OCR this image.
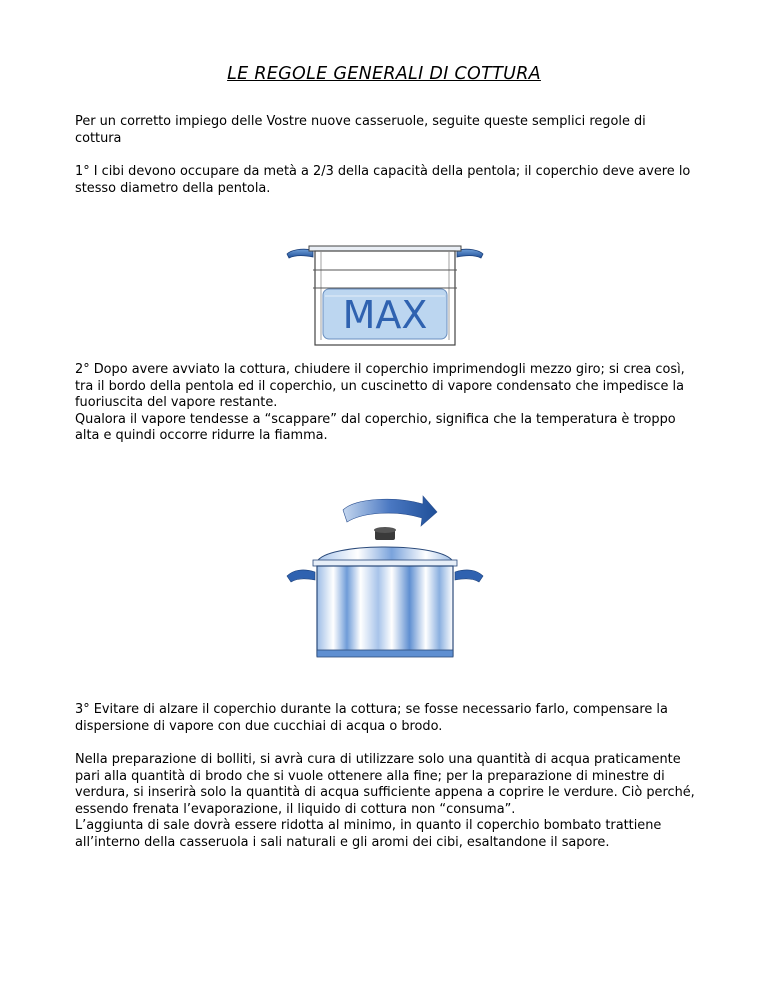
LE REGOLE GENERALI DI COTTURA

Per un corretto impiego delle Vostre nuove casseruole, seguite queste semplici regole di cottura

1° I cibi devono occupare da metà a 2/3 della capacità della pentola; il coperchio deve avere lo stesso diametro della pentola.

MAX

2° Dopo avere avviato la cottura, chiudere il coperchio imprimendogli mezzo giro; si crea così, tra il bordo della pentola ed il coperchio, un cuscinetto di vapore condensato che impedisce la fuoriuscita del vapore restante.

Qualora il vapore tendesse a “scappare” dal coperchio, significa che la temperatura è troppo alta e quindi occorre ridurre la fiamma.

3° Evitare di alzare il coperchio durante la cottura; se fosse necessario farlo, compensare la dispersione di vapore con due cucchiai di acqua o brodo.

Nella preparazione di bolliti, si avrà cura di utilizzare solo una quantità di acqua praticamente pari alla quantità di brodo che si vuole ottenere alla fine; per la preparazione di minestre di verdura, si inserirà solo la quantità di acqua sufficiente appena a coprire le verdure. Ciò perché, essendo frenata l’evaporazione, il liquido di cottura non “consuma”.

L’aggiunta di sale dovrà essere ridotta al minimo, in quanto il coperchio bombato trattiene all’interno della casseruola i sali naturali e gli aromi dei cibi, esaltandone il sapore.
